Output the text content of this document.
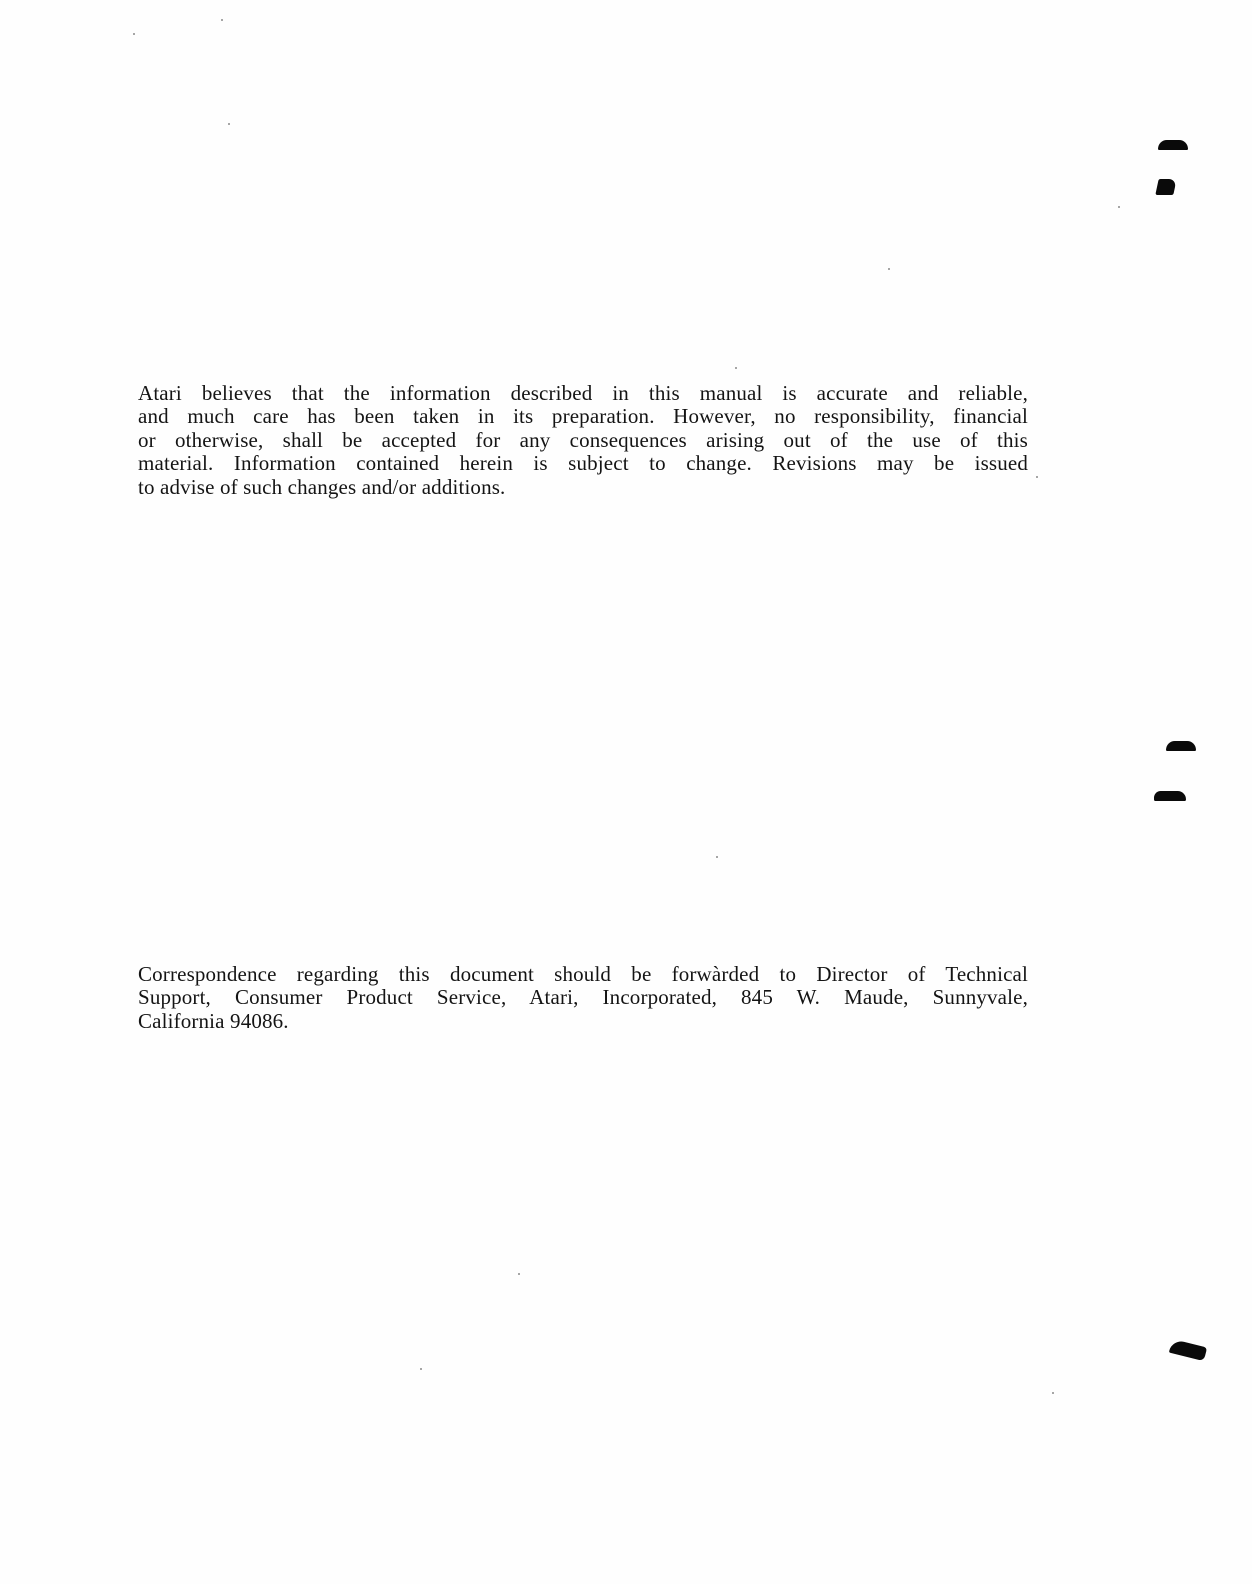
Atari believes that the information described in this manual is accurate and reliable,
and much care has been taken in its preparation. However, no responsibility, financial
or otherwise, shall be accepted for any consequences arising out of the use of this
material. Information contained herein is subject to change. Revisions may be issued
to advise of such changes and/or additions.

Correspondence regarding this document should be forwàrded to Director of Technical
Support, Consumer Product Service, Atari, Incorporated, 845 W. Maude, Sunnyvale,
California 94086.
